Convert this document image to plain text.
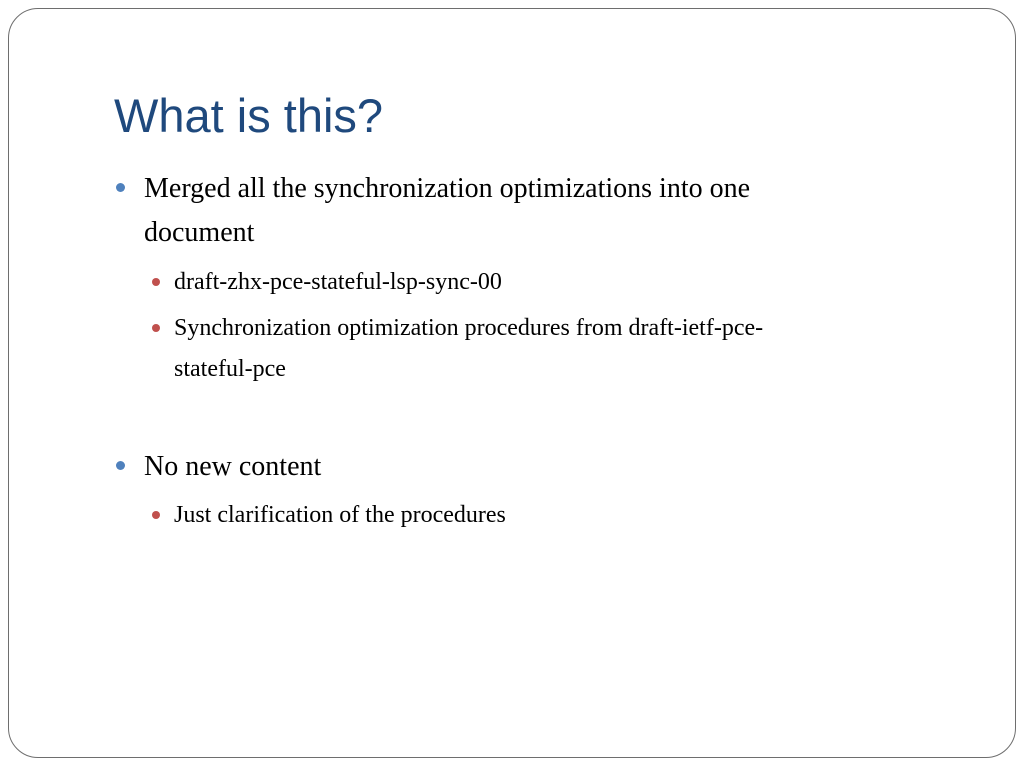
What is this?
Merged all the synchronization optimizations into one
document
draft-zhx-pce-stateful-lsp-sync-00
Synchronization optimization procedures from draft-ietf-pce-
stateful-pce
No new content
Just clarification of the procedures
